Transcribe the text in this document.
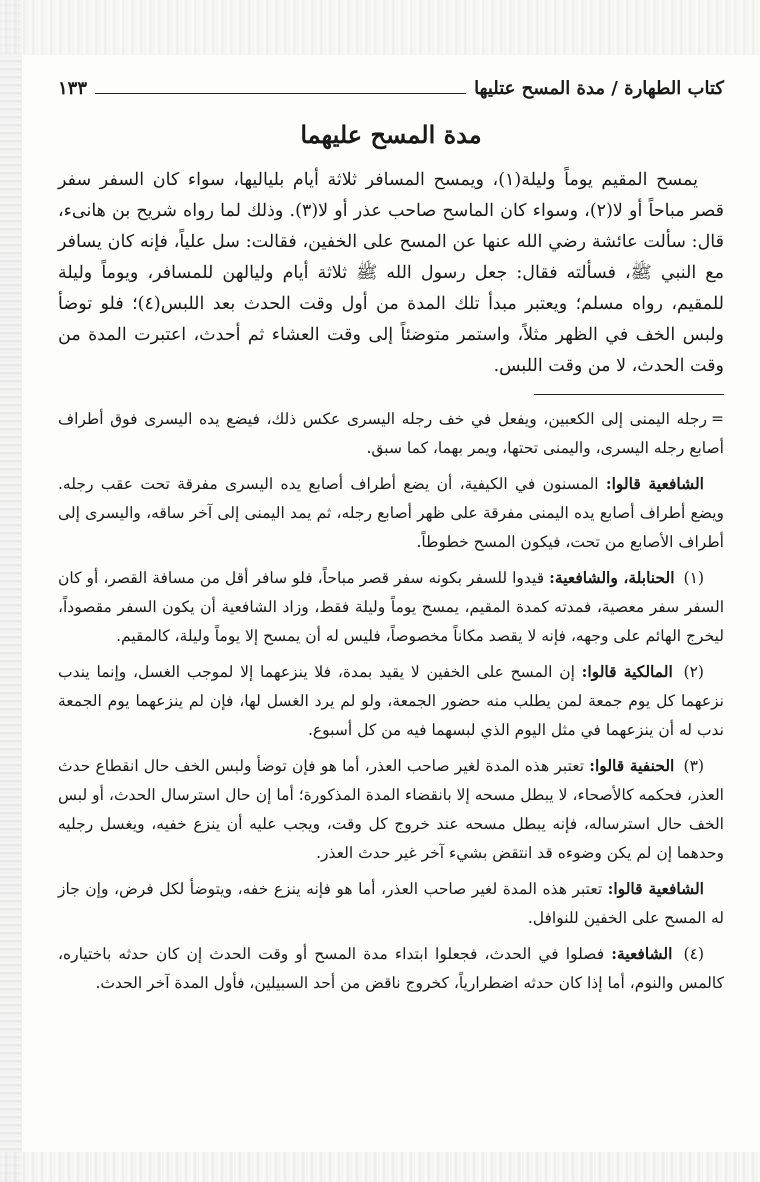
كتاب الطهارة / مدة المسح عتليها
١٣٣
مدة المسح عليهما

يمسح المقيم يوماً وليلة(١)، ويمسح المسافر ثلاثة أيام بلياليها، سواء كان السفر سفر قصر مباحاً أو لا(٢)، وسواء كان الماسح صاحب عذر أو لا(٣). وذلك لما رواه شريح بن هانىء، قال: سألت عائشة رضي الله عنها عن المسح على الخفين، فقالت: سل علياً، فإنه كان يسافر مع النبي ﷺ، فسألته فقال: جعل رسول الله ﷺ ثلاثة أيام وليالهن للمسافر، ويوماً وليلة للمقيم، رواه مسلم؛ ويعتبر مبدأ تلك المدة من أول وقت الحدث بعد اللبس(٤)؛ فلو توضأ ولبس الخف في الظهر مثلاً، واستمر متوضئاً إلى وقت العشاء ثم أحدث، اعتبرت المدة من وقت الحدث، لا من وقت اللبس.

=رجله اليمنى إلى الكعبين، ويفعل في خف رجله اليسرى عكس ذلك، فيضع يده اليسرى فوق أطراف أصابع رجله اليسرى، واليمنى تحتها، ويمر بهما، كما سبق.

الشافعية قالوا: المسنون في الكيفية، أن يضع أطراف أصابع يده اليسرى مفرقة تحت عقب رجله. ويضع أطراف أصابع يده اليمنى مفرقة على ظهر أصابع رجله، ثم يمد اليمنى إلى آخر ساقه، واليسرى إلى أطراف الأصابع من تحت، فيكون المسح خطوطاً.

(١) الحنابلة، والشافعية: قيدوا للسفر بكونه سفر قصر مباحاً، فلو سافر أقل من مسافة القصر، أو كان السفر سفر معصية، فمدته كمدة المقيم، يمسح يوماً وليلة فقط، وزاد الشافعية أن يكون السفر مقصوداً، ليخرج الهائم على وجهه، فإنه لا يقصد مكاناً مخصوصاً، فليس له أن يمسح إلا يوماً وليلة، كالمقيم.

(٢) المالكية قالوا: إن المسح على الخفين لا يقيد بمدة، فلا ينزعهما إلا لموجب الغسل، وإنما يندب نزعهما كل يوم جمعة لمن يطلب منه حضور الجمعة، ولو لم يرد الغسل لها، فإن لم ينزعهما يوم الجمعة ندب له أن ينزعهما في مثل اليوم الذي لبسهما فيه من كل أسبوع.

(٣) الحنفية قالوا: تعتبر هذه المدة لغير صاحب العذر، أما هو فإن توضأ ولبس الخف حال انقطاع حدث العذر، فحكمه كالأصحاء، لا يبطل مسحه إلا بانقضاء المدة المذكورة؛ أما إن حال استرسال الحدث، أو لبس الخف حال استرساله، فإنه يبطل مسحه عند خروج كل وقت، ويجب عليه أن ينزع خفيه، ويغسل رجليه وحدهما إن لم يكن وضوءه قد انتقض بشيء آخر غير حدث العذر.

الشافعية قالوا: تعتبر هذه المدة لغير صاحب العذر، أما هو فإنه ينزع خفه، ويتوضأ لكل فرض، وإن جاز له المسح على الخفين للنوافل.

(٤) الشافعية: فصلوا في الحدث، فجعلوا ابتداء مدة المسح أو وقت الحدث إن كان حدثه باختياره، كالمس والنوم، أما إذا كان حدثه اضطرارياً، كخروج ناقض من أحد السبيلين، فأول المدة آخر الحدث.
